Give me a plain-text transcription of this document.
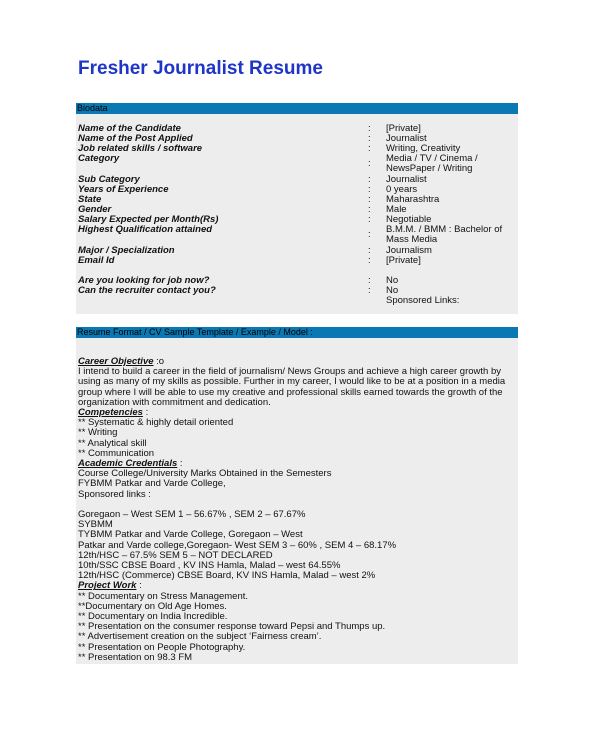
Fresher Journalist Resume
Biodata
Name of the Candidate	: [Private]
Name of the Post Applied	: Journalist
Job related skills / software	: Writing, Creativity
Category	: Media / TV / Cinema / NewsPaper / Writing
Sub Category	: Journalist
Years of Experience	: 0 years
State	: Maharashtra
Gender	: Male
Salary Expected per Month(Rs)	: Negotiable
Highest Qualification attained	: B.M.M. / BMM : Bachelor of Mass Media
Major / Specialization	: Journalism
Email Id	: [Private]
Are you looking for job now?	: No
Can the recruiter contact you?	: No
Sponsored Links:
Resume Format / CV Sample Template / Example / Model :
Career Objective :o
I intend to build a career in the field of journalism/ News Groups and achieve a high career growth by using as many of my skills as possible. Further in my career, I would like to be at a position in a media group where I will be able to use my creative and professional skills earned towards the growth of the organization with commitment and dedication.
Competencies :
** Systematic & highly detail oriented
** Writing
** Analytical skill
** Communication
Academic Credentials :
Course College/University Marks Obtained in the Semesters
FYBMM Patkar and Varde College,
Sponsored links :
Goregaon – West SEM 1 – 56.67% , SEM 2 – 67.67%
SYBMM
TYBMM Patkar and Varde College, Goregaon – West
Patkar and Varde college,Goregaon- West SEM 3 – 60% , SEM 4 – 68.17%
12th/HSC – 67.5% SEM 5 – NOT DECLARED
10th/SSC CBSE Board , KV INS Hamla, Malad – west 64.55%
12th/HSC (Commerce) CBSE Board, KV INS Hamla, Malad – west 2%
Project Work :
** Documentary on Stress Management.
**Documentary on Old Age Homes.
** Documentary on India Incredible.
** Presentation on the consumer response toward Pepsi and Thumps up.
** Advertisement creation on the subject ‘Fairness cream’.
** Presentation on People Photography.
** Presentation on 98.3 FM
